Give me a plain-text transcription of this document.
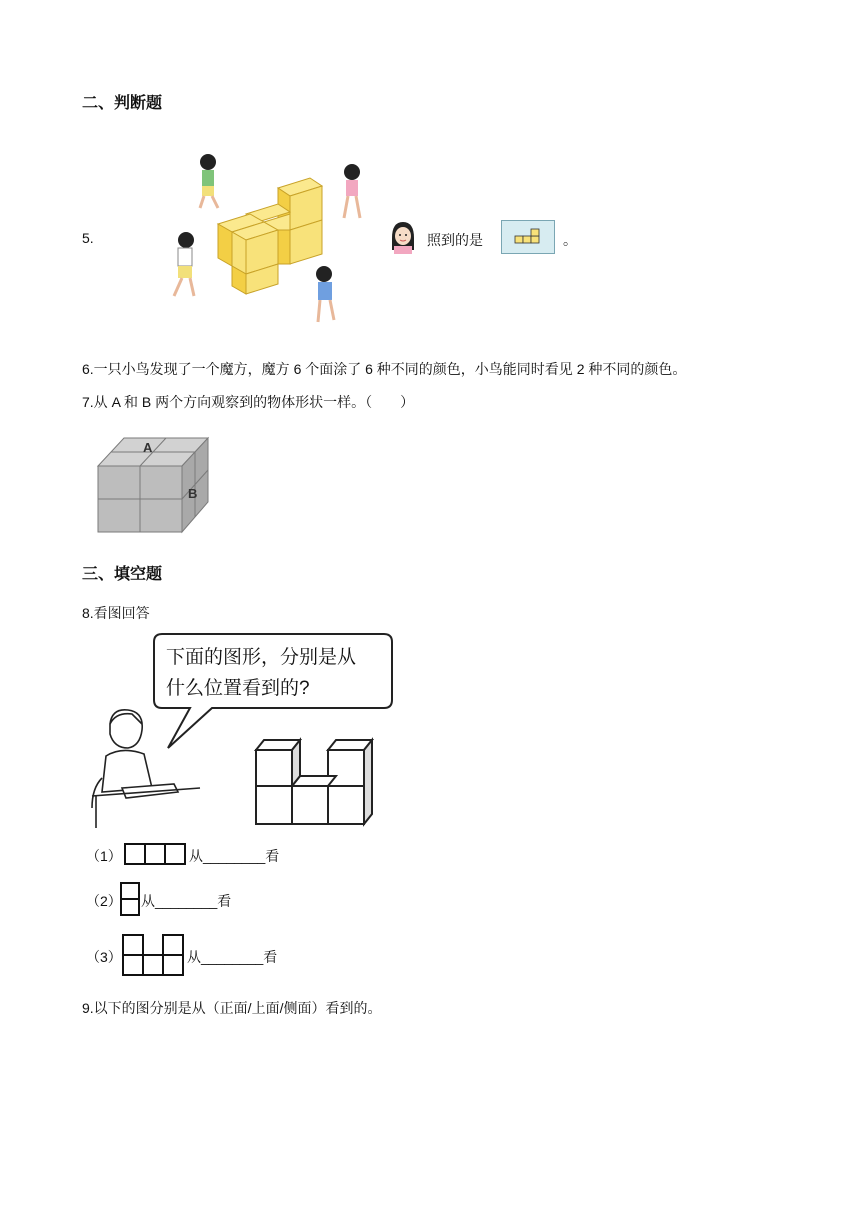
二、判断题
5.	照到的是	。
6.一只小鸟发现了一个魔方，魔方 6 个面涂了 6 种不同的颜色，小鸟能同时看见 2 种不同的颜色。
7.从 A 和 B 两个方向观察到的物体形状一样。（　　）
A
B
三、填空题
8.看图回答
下面的图形，分别是从
什么位置看到的?
（1）	从________看
（2） 从________看
（3）	从________看
9.以下的图分别是从（正面/上面/侧面）看到的。
